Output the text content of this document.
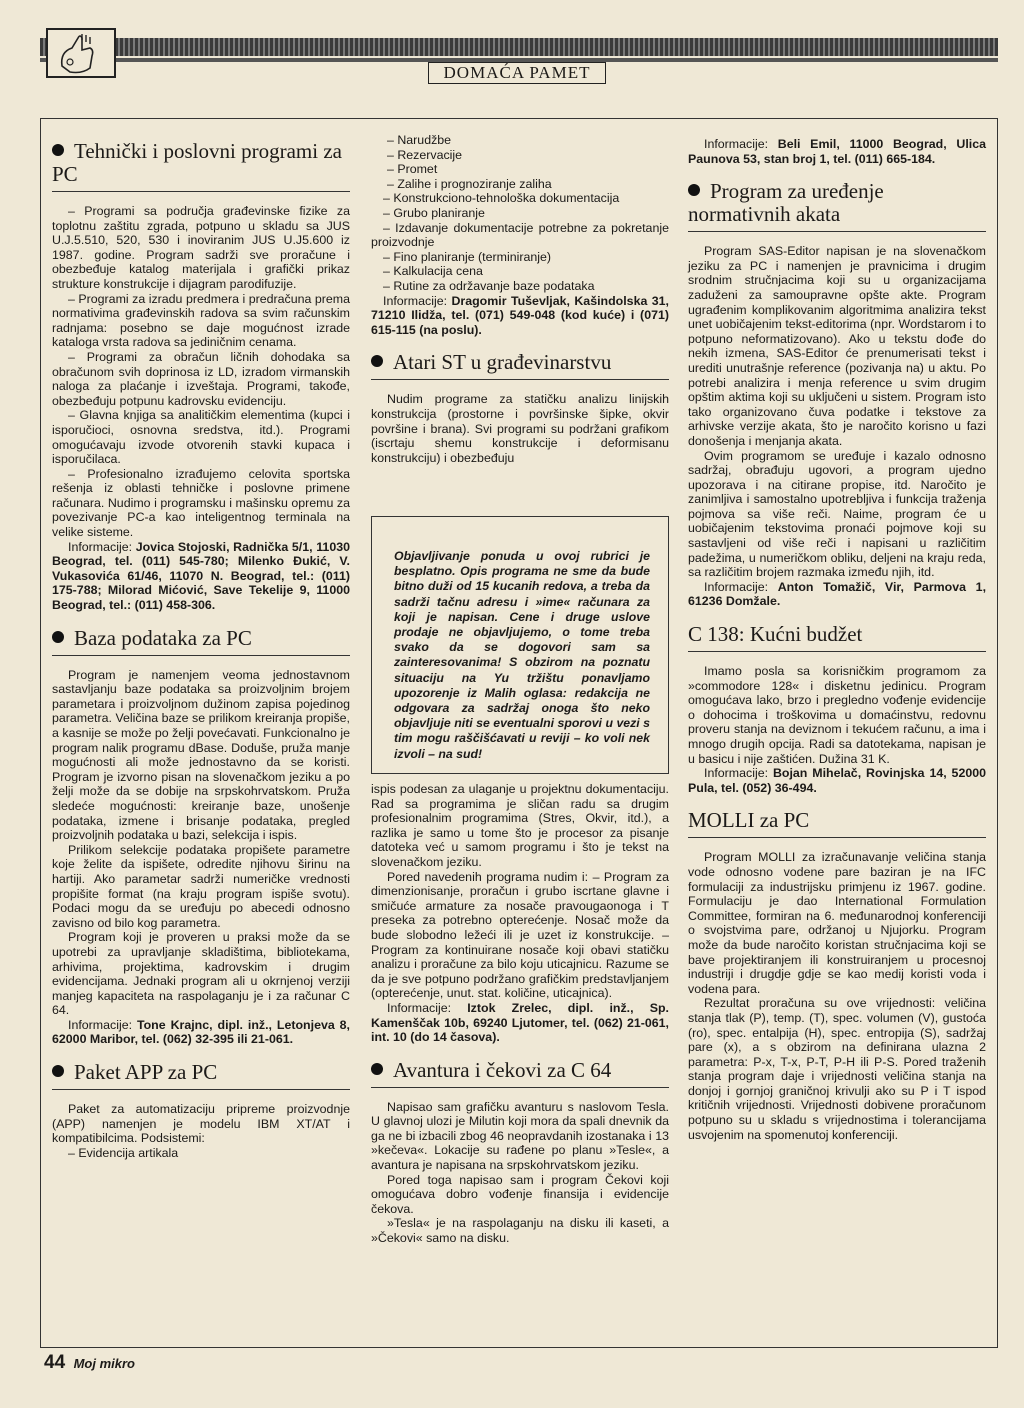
DOMAĆA PAMET
Tehnički i poslovni programi za PC

– Programi sa područja građevinske fizike za toplotnu zaštitu zgrada, potpuno u skladu sa JUS U.J.5.510, 520, 530 i inoviranim JUS U.J5.600 iz 1987. godine. Program sadrži sve proračune i obezbeđuje katalog materijala i grafički prikaz strukture konstrukcije i dijagram parodifuzije.

– Programi za izradu predmera i predračuna prema normativima građevinskih radova sa svim računskim radnjama: posebno se daje mogućnost izrade kataloga vrsta radova sa jediničnim cenama.

– Programi za obračun ličnih dohodaka sa obračunom svih doprinosa iz LD, izradom virmanskih naloga za plaćanje i izveštaja. Programi, takođe, obezbeđuju potpunu kadrovsku evidenciju.

– Glavna knjiga sa analitičkim elementima (kupci i isporučioci, osnovna sredstva, itd.). Programi omogućavaju izvode otvorenih stavki kupaca i isporučilaca.

– Profesionalno izrađujemo celovita sportska rešenja iz oblasti tehničke i poslovne primene računara. Nudimo i programsku i mašinsku opremu za povezivanje PC-a kao inteligentnog terminala na velike sisteme.

Informacije: Jovica Stojoski, Radnička 5/1, 11030 Beograd, tel. (011) 545-780; Milenko Đukić, V. Vukasovića 61/46, 11070 N. Beograd, tel.: (011) 175-788; Milorad Mićović, Save Tekelije 9, 11000 Beograd, tel.: (011) 458-306.

Baza podataka za PC

Program je namenjem veoma jednostavnom sastavljanju baze podataka sa proizvoljnim brojem parametara i proizvoljnom dužinom zapisa pojedinog parametra. Veličina baze se prilikom kreiranja propiše, a kasnije se može po želji povećavati. Funkcionalno je program nalik programu dBase. Doduše, pruža manje mogućnosti ali može jednostavno da se koristi. Program je izvorno pisan na slovenačkom jeziku a po želji može da se dobije na srpskohrvatskom. Pruža sledeće mogućnosti: kreiranje baze, unošenje podataka, izmene i brisanje podataka, pregled proizvoljnih podataka u bazi, selekcija i ispis.

Prilikom selekcije podataka propišete parametre koje želite da ispišete, odredite njihovu širinu na hartiji. Ako parametar sadrži numeričke vrednosti propišite format (na kraju program ispiše svotu). Podaci mogu da se uređuju po abecedi odnosno zavisno od bilo kog parametra.

Program koji je proveren u praksi može da se upotrebi za upravljanje skladištima, bibliotekama, arhivima, projektima, kadrovskim i drugim evidencijama. Jednaki program ali u okrnjenoj verziji manjeg kapaciteta na raspolaganju je i za računar C 64.

Informacije: Tone Krajnc, dipl. inž., Letonjeva 8, 62000 Maribor, tel. (062) 32-395 ili 21-061.

Paket APP za PC

Paket za automatizaciju pripreme proizvodnje (APP) namenjen je modelu IBM XT/AT i kompatibilcima. Podsistemi:

– Evidencija artikala

– Narudžbe

– Rezervacije

– Promet

– Zalihe i prognoziranje zaliha

– Konstrukciono-tehnološka dokumentacija

– Grubo planiranje

– Izdavanje dokumentacije potrebne za pokretanje proizvodnje

– Fino planiranje (terminiranje)

– Kalkulacija cena

– Rutine za održavanje baze podataka

Informacije: Dragomir Tuševljak, Kašindolska 31, 71210 Ilidža, tel. (071) 549-048 (kod kuće) i (071) 615-115 (na poslu).

Atari ST u građevinarstvu

Nudim programe za statičku analizu linijskih konstrukcija (prostorne i površinske šipke, okvir površine i brana). Svi programi su podržani grafikom (iscrtaju shemu konstrukcije i deformisanu konstrukciju) i obezbeđuju

Objavljivanje ponuda u ovoj rubrici je besplatno. Opis programa ne sme da bude bitno duži od 15 kucanih redova, a treba da sadrži tačnu adresu i »ime« računara za koji je napisan. Cene i druge uslove prodaje ne objavljujemo, o tome treba svako da se dogovori sam sa zainteresovanima! S obzirom na poznatu situaciju na Yu tržištu ponavljamo upozorenje iz Malih oglasa: redakcija ne odgovara za sadržaj onoga što neko objavljuje niti se eventualni sporovi u vezi s tim mogu raščišćavati u reviji – ko voli nek izvoli – na sud!

ispis podesan za ulaganje u projektnu dokumentaciju. Rad sa programima je sličan radu sa drugim profesionalnim programima (Stres, Okvir, itd.), a razlika je samo u tome što je procesor za pisanje datoteka već u samom programu i što je tekst na slovenačkom jeziku.

Pored navedenih programa nudim i: – Program za dimenzionisanje, proračun i grubo iscrtane glavne i smičuće armature za nosače pravougaonoga i T preseka za potrebno opterećenje. Nosač može da bude slobodno ležeći ili je uzet iz konstrukcije. – Program za kontinuirane nosače koji obavi statičku analizu i proračune za bilo koju uticajnicu. Razume se da je sve potpuno podržano grafičkim predstavljanjem (opterećenje, unut. stat. količine, uticajnica).

Informacije: Iztok Zrelec, dipl. inž., Sp. Kamenščak 10b, 69240 Ljutomer, tel. (062) 21-061, int. 10 (do 14 časova).

Avantura i čekovi za C 64

Napisao sam grafičku avanturu s naslovom Tesla. U glavnoj ulozi je Milutin koji mora da spali dnevnik da ga ne bi izbacili zbog 46 neopravdanih izostanaka i 13 »kečeva«. Lokacije su rađene po planu »Tesle«, a avantura je napisana na srpskohrvatskom jeziku.

Pored toga napisao sam i program Čekovi koji omogućava dobro vođenje finansija i evidencije čekova.

»Tesla« je na raspolaganju na disku ili kaseti, a »Čekovi« samo na disku.

Informacije: Beli Emil, 11000 Beograd, Ulica Paunova 53, stan broj 1, tel. (011) 665-184.

Program za uređenje normativnih akata

Program SAS-Editor napisan je na slovenačkom jeziku za PC i namenjen je pravnicima i drugim srodnim stručnjacima koji su u organizacijama zaduženi za samoupravne opšte akte. Program ugrađenim komplikovanim algoritmima analizira tekst unet uobičajenim tekst-editorima (npr. Wordstarom i to potpuno neformatizovano). Ako u tekstu dođe do nekih izmena, SAS-Editor će prenumerisati tekst i urediti unutrašnje reference (pozivanja na) u aktu. Po potrebi analizira i menja reference u svim drugim opštim aktima koji su uključeni u sistem. Program isto tako organizovano čuva podatke i tekstove za arhivske verzije akata, što je naročito korisno u fazi donošenja i menjanja akata.

Ovim programom se uređuje i kazalo odnosno sadržaj, obrađuju ugovori, a program ujedno upozorava i na citirane propise, itd. Naročito je zanimljiva i samostalno upotrebljiva i funkcija traženja pojmova sa više reči. Naime, program će u uobičajenim tekstovima pronaći pojmove koji su sastavljeni od više reči i napisani u različitim padežima, u numeričkom obliku, deljeni na kraju reda, sa različitim brojem razmaka između njih, itd.

Informacije: Anton Tomažič, Vir, Parmova 1, 61236 Domžale.

C 138: Kućni budžet

Imamo posla sa korisničkim programom za »commodore 128« i disketnu jedinicu. Program omogućava lako, brzo i pregledno vođenje evidencije o dohocima i troškovima u domaćinstvu, redovnu proveru stanja na deviznom i tekućem računu, a ima i mnogo drugih opcija. Radi sa datotekama, napisan je u basicu i nije zaštićen. Dužina 31 K.

Informacije: Bojan Mihelač, Rovinjska 14, 52000 Pula, tel. (052) 36-494.

MOLLI za PC

Program MOLLI za izračunavanje veličina stanja vode odnosno vodene pare baziran je na IFC formulaciji za industrijsku primjenu iz 1967. godine. Formulaciju je dao International Formulation Committee, formiran na 6. međunarodnoj konferenciji o svojstvima pare, održanoj u Njujorku. Program može da bude naročito koristan stručnjacima koji se bave projektiranjem ili konstruiranjem u procesnoj industriji i drugdje gdje se kao medij koristi voda i vodena para.

Rezultat proračuna su ove vrijednosti: veličina stanja tlak (P), temp. (T), spec. volumen (V), gustoća (ro), spec. entalpija (H), spec. entropija (S), sadržaj pare (x), a s obzirom na definirana ulazna 2 parametra: P-x, T-x, P-T, P-H ili P-S. Pored traženih stanja program daje i vrijednosti veličina stanja na donjoj i gornjoj graničnoj krivulji ako su P i T ispod kritičnih vrijednosti. Vrijednosti dobivene proračunom potpuno su u skladu s vrijednostima i tolerancijama usvojenim na spomenutoj konferenciji.

44 Moj mikro
